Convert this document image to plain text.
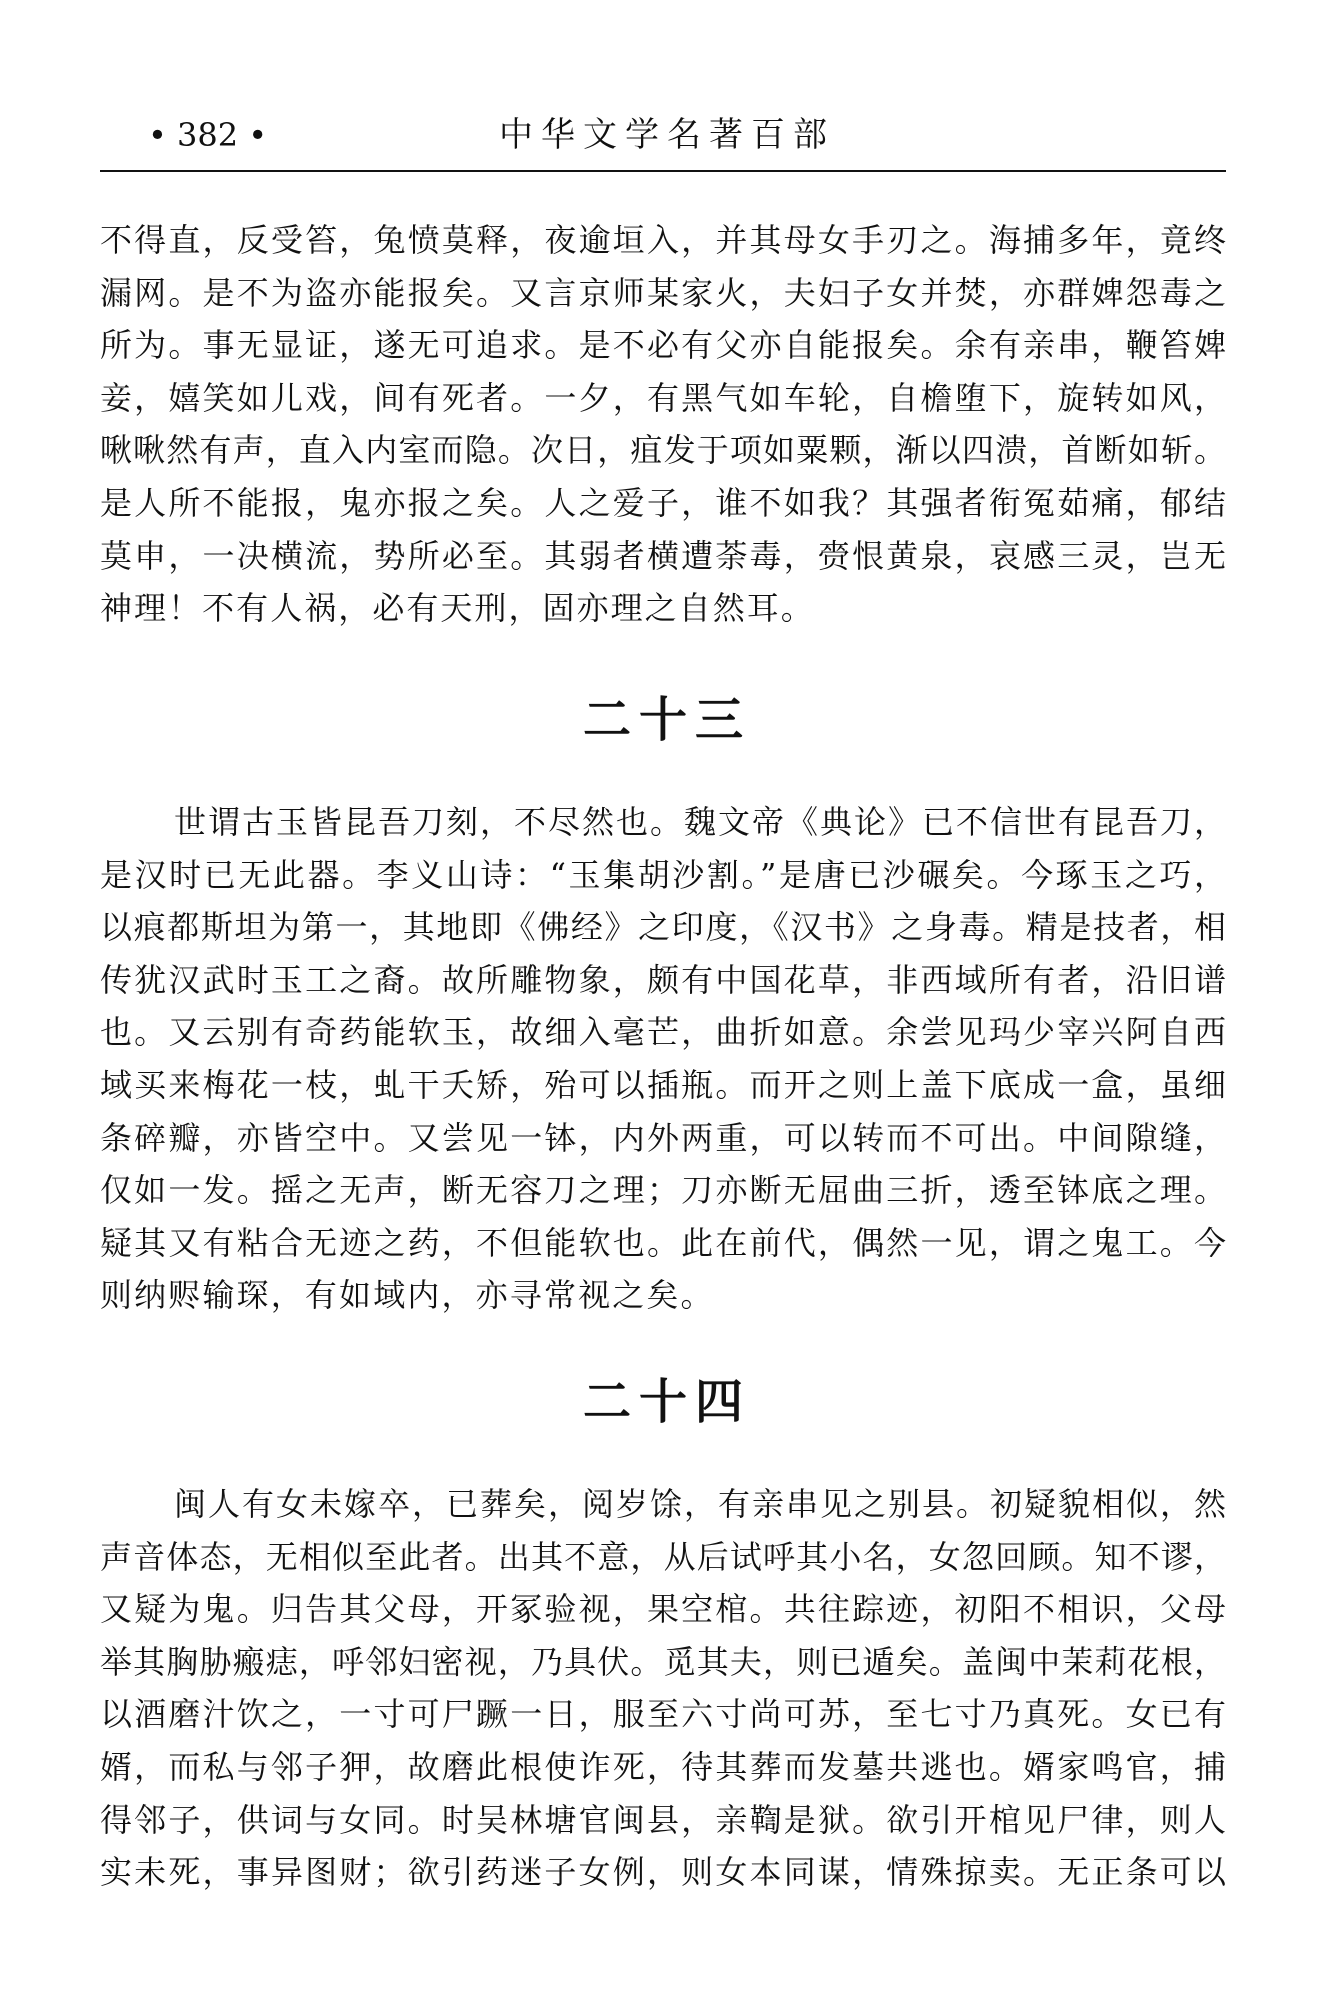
• 382 •	中华文学名著百部
不得直，反受笞，兔愤莫释，夜逾垣入，并其母女手刃之。海捕多年，竟终
漏网。是不为盗亦能报矣。又言京师某家火，夫妇子女并焚，亦群婢怨毒之
所为。事无显证，遂无可追求。是不必有父亦自能报矣。余有亲串，鞭笞婢
妾，嬉笑如儿戏，间有死者。一夕，有黑气如车轮，自檐堕下，旋转如风，
啾啾然有声，直入内室而隐。次日，疽发于项如粟颗，渐以四溃，首断如斩。
是人所不能报，鬼亦报之矣。人之爱子，谁不如我？其强者衔冤茹痛，郁结
莫申，一决横流，势所必至。其弱者横遭荼毒，赍恨黄泉，哀感三灵，岂无
神理！不有人祸，必有天刑，固亦理之自然耳。
二十三
世谓古玉皆昆吾刀刻，不尽然也。魏文帝《典论》已不信世有昆吾刀，
是汉时已无此器。李义山诗：“玉集胡沙割。”是唐已沙碾矣。今琢玉之巧，
以痕都斯坦为第一，其地即《佛经》之印度，《汉书》之身毒。精是技者，相
传犹汉武时玉工之裔。故所雕物象，颇有中国花草，非西域所有者，沿旧谱
也。又云别有奇药能软玉，故细入毫芒，曲折如意。余尝见玛少宰兴阿自西
域买来梅花一枝，虬干夭矫，殆可以插瓶。而开之则上盖下底成一盒，虽细
条碎瓣，亦皆空中。又尝见一钵，内外两重，可以转而不可出。中间隙缝，
仅如一发。摇之无声，断无容刀之理；刀亦断无屈曲三折，透至钵底之理。
疑其又有粘合无迹之药，不但能软也。此在前代，偶然一见，谓之鬼工。今
则纳赆输琛，有如域内，亦寻常视之矣。
二十四
闽人有女未嫁卒，已葬矣，阅岁馀，有亲串见之别县。初疑貌相似，然
声音体态，无相似至此者。出其不意，从后试呼其小名，女忽回顾。知不谬，
又疑为鬼。归告其父母，开冢验视，果空棺。共往踪迹，初阳不相识，父母
举其胸胁瘢痣，呼邻妇密视，乃具伏。觅其夫，则已遁矣。盖闽中茉莉花根，
以酒磨汁饮之，一寸可尸蹶一日，服至六寸尚可苏，至七寸乃真死。女已有
婿，而私与邻子狎，故磨此根使诈死，待其葬而发墓共逃也。婿家鸣官，捕
得邻子，供词与女同。时吴林塘官闽县，亲鞫是狱。欲引开棺见尸律，则人
实未死，事异图财；欲引药迷子女例，则女本同谋，情殊掠卖。无正条可以
